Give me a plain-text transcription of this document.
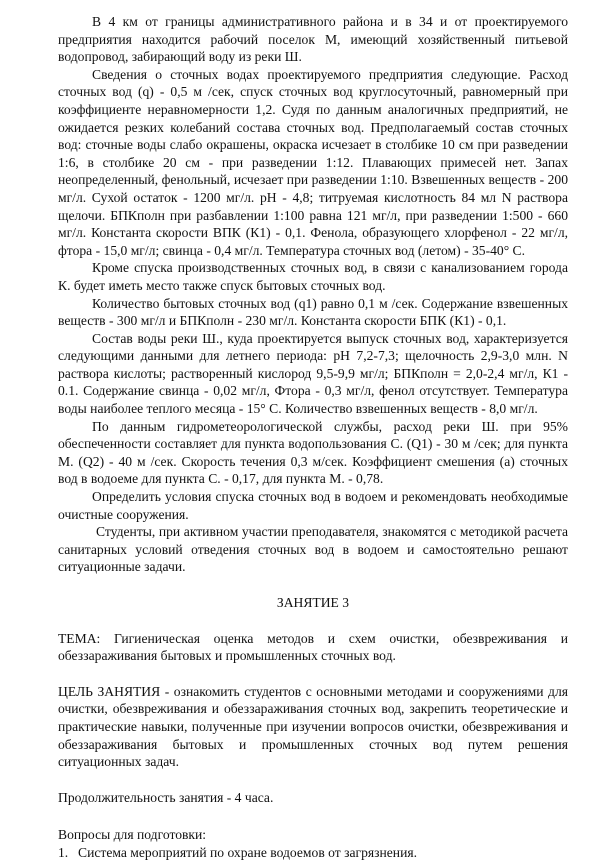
В 4 км от границы административного района и в 34 и от проектируемого предприятия находится рабочий поселок М, имеющий хозяйственный питьевой водопровод, забирающий воду из реки Ш.

Сведения о сточных водах проектируемого предприятия следующие. Расход сточных вод (q) - 0,5 м /сек, спуск сточных вод круглосуточный, равномерный при коэффициенте неравномерности 1,2. Судя по данным аналогичных предприятий, не ожидается резких колебаний состава сточных вод. Предполагаемый состав сточных вод: сточные воды слабо окрашены, окраска исчезает в столбике 10 см при разведении 1:6, в столбике 20 см - при разведении 1:12. Плавающих примесей нет. Запах неопределенный, фенольный, исчезает при разведении 1:10. Взвешенных веществ - 200 мг/л. Сухой остаток - 1200 мг/л. pH - 4,8; титруемая кислотность 84 мл N раствора щелочи. БПКполн при разбавлении 1:100 равна 121 мг/л, при разведении 1:500 - 660 мг/л. Константа скорости ВПК (К1) - 0,1. Фенола, образующего хлорфенол - 22 мг/л, фтора - 15,0 мг/л; свинца - 0,4 мг/л. Температура сточных вод (летом) - 35-40° С.

Кроме спуска производственных сточных вод, в связи с канализованием города К. будет иметь место также спуск бытовых сточных вод.

Количество бытовых сточных вод (q1) равно 0,1 м /сек. Содержание взвешенных веществ - 300 мг/л и БПКполн - 230 мг/л. Константа скорости БПК (К1) - 0,1.

Состав воды реки Ш., куда проектируется выпуск сточных вод, характеризуется следующими данными для летнего периода: pH 7,2-7,3; щелочность 2,9-3,0 млн. N раствора кислоты; растворенный кислород 9,5-9,9 мг/л; БПКполн = 2,0-2,4 мг/л, К1 - 0.1. Содержание свинца - 0,02 мг/л, Фтора - 0,3 мг/л, фенол отсутствует. Температура воды наиболее теплого месяца - 15° С. Количество взвешенных веществ - 8,0 мг/л.

По данным гидрометеорологической службы, расход реки Ш. при 95% обеспеченности составляет для пункта водопользования С. (Q1) - 30 м /сек; для пункта М. (Q2) - 40 м /сек. Скорость течения 0,3 м/сек. Коэффициент смешения (а) сточных вод в водоеме для пункта С. - 0,17, для пункта М. - 0,78.

Определить условия спуска сточных вод в водоем и рекомендовать необходимые очистные сооружения.

Студенты, при активном участии преподавателя, знакомятся с методикой расчета санитарных условий отведения сточных вод в водоем и самостоятельно решают ситуационные задачи.

ЗАНЯТИЕ 3

ТЕМА: Гигиеническая оценка методов и схем очистки, обезвреживания и обеззараживания бытовых и промышленных сточных вод.

ЦЕЛЬ ЗАНЯТИЯ - ознакомить студентов с основными методами и сооружениями для очистки, обезвреживания и обеззараживания сточных вод, закрепить теоретические и практические навыки, полученные при изучении вопросов очистки, обезвреживания и обеззараживания бытовых и промышленных сточных вод путем решения ситуационных задач.

Продолжительность занятия - 4 часа.

Вопросы для подготовки:

1. Система мероприятий по охране водоемов от загрязнения.
